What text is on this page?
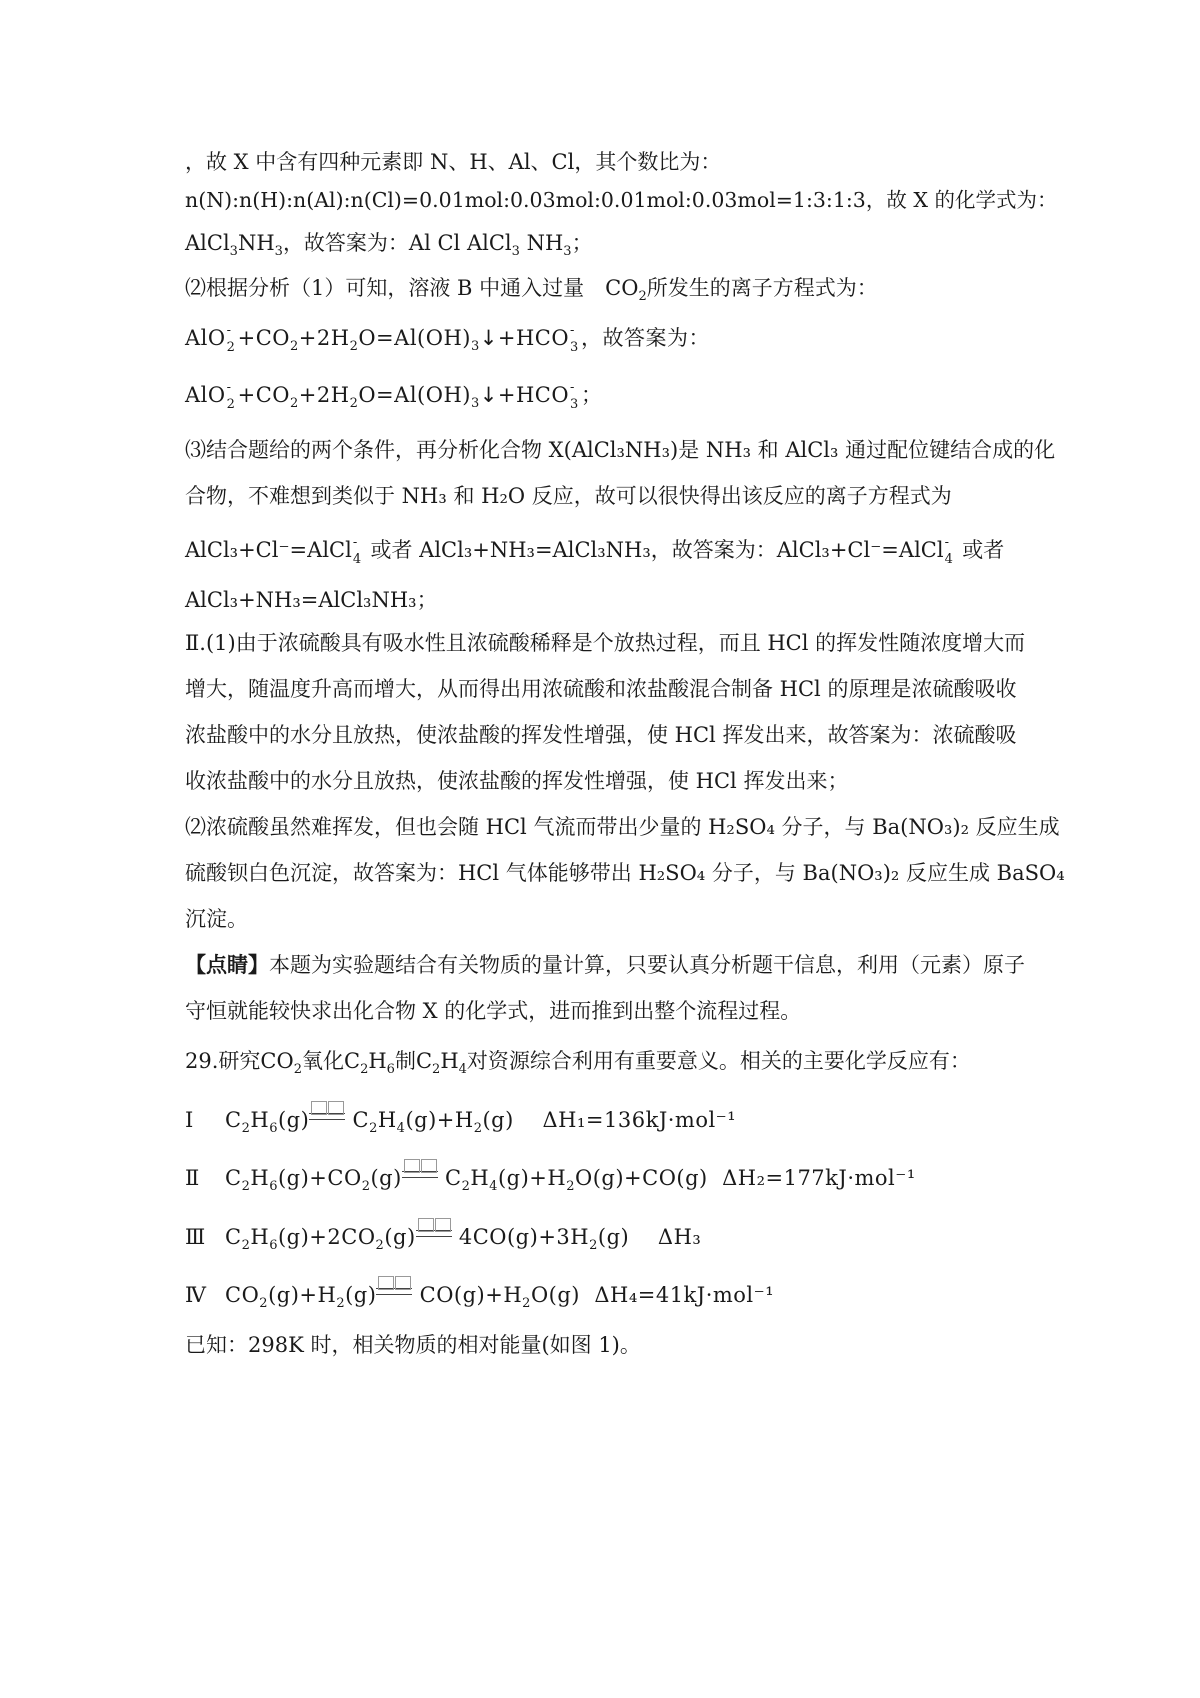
，故 X 中含有四种元素即 N、H、Al、Cl，其个数比为：
n(N):n(H):n(Al):n(Cl)=0.01mol:0.03mol:0.01mol:0.03mol=1:3:1:3，故 X 的化学式为：
$AlCl_3NH_3$，故答案为：Al Cl AlCl$_3$ $NH_3$；
⑵根据分析（1）可知，溶液 B 中通入过量　$CO_2$所发生的离子方程式为：
AlO -
$2 +CO_2+2H_2O=Al(OH)_3↓+HCO$ -
3 ，故答案为：
AlO -
$2 +CO_2+2H_2O=Al(OH)_3↓+HCO$ -
3 ；
⑶结合题给的两个条件，再分析化合物 X(AlCl₃NH₃)是 NH₃ 和 AlCl₃ 通过配位键结合成的化
合物，不难想到类似于 NH₃ 和 H₂O 反应，故可以很快得出该反应的离子方程式为
AlCl₃+Cl⁻=AlCl -
4 或者 AlCl₃+NH₃=AlCl₃NH₃，故答案为：AlCl₃+Cl⁻=AlCl -
4 或者
AlCl₃+NH₃=AlCl₃NH₃；
Ⅱ.(1)由于浓硫酸具有吸水性且浓硫酸稀释是个放热过程，而且 HCl 的挥发性随浓度增大而
增大，随温度升高而增大，从而得出用浓硫酸和浓盐酸混合制备 HCl 的原理是浓硫酸吸收
浓盐酸中的水分且放热，使浓盐酸的挥发性增强，使 HCl 挥发出来，故答案为：浓硫酸吸
收浓盐酸中的水分且放热，使浓盐酸的挥发性增强，使 HCl 挥发出来；
⑵浓硫酸虽然难挥发，但也会随 HCl 气流而带出少量的 H₂SO₄ 分子，与 Ba(NO₃)₂ 反应生成
硫酸钡白色沉淀，故答案为：HCl 气体能够带出 H₂SO₄ 分子，与 Ba(NO₃)₂ 反应生成 BaSO₄
沉淀。
【点睛】本题为实验题结合有关物质的量计算，只要认真分析题干信息，利用（元素）原子
守恒就能较快求出化合物 X 的化学式，进而推到出整个流程过程。
29.研究$CO_2$氧化$C_2H_6$制$C_2H_4$对资源综合利用有重要意义。相关的主要化学反应有：
Ⅰ $C_2H_6(g)$
$C_2H_4(g)+H_2(g)$    ΔH₁=136kJ·mol⁻¹
Ⅱ $C_2H_6(g)+CO_2(g)$
$C_2H_4(g)+H_2O(g)+CO(g)$  ΔH₂=177kJ·mol⁻¹
Ⅲ $C_2H_6(g)+2CO_2(g)$
$4CO(g)+3H_2(g)$    ΔH₃
Ⅳ $CO_2(g)+H_2(g)$
$CO(g)+H_2O(g)$  ΔH₄=41kJ·mol⁻¹
已知：298K 时，相关物质的相对能量(如图 1)。
